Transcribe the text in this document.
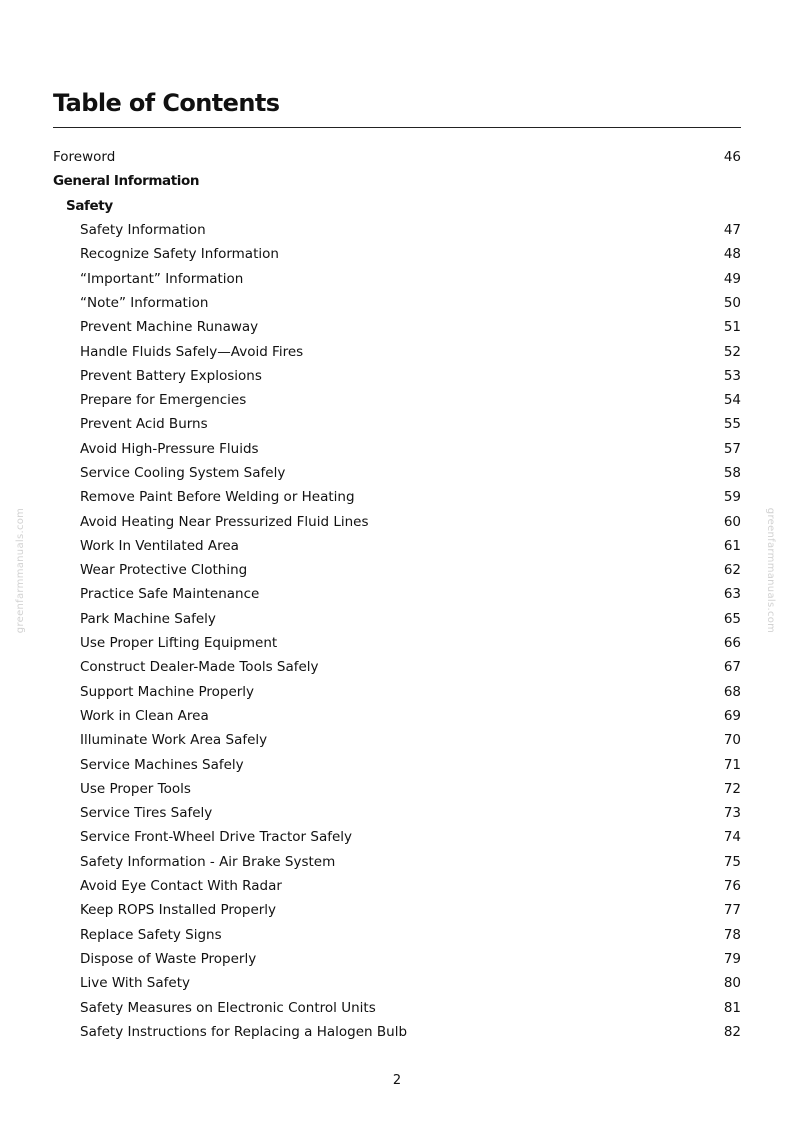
Table of Contents
Foreword	46
General Information
Safety
Safety Information	47
Recognize Safety Information	48
“Important” Information	49
“Note” Information	50
Prevent Machine Runaway	51
Handle Fluids Safely—Avoid Fires	52
Prevent Battery Explosions	53
Prepare for Emergencies	54
Prevent Acid Burns	55
Avoid High-Pressure Fluids	57
Service Cooling System Safely	58
Remove Paint Before Welding or Heating	59
Avoid Heating Near Pressurized Fluid Lines	60
Work In Ventilated Area	61
Wear Protective Clothing	62
Practice Safe Maintenance	63
Park Machine Safely	65
Use Proper Lifting Equipment	66
Construct Dealer-Made Tools Safely	67
Support Machine Properly	68
Work in Clean Area	69
Illuminate Work Area Safely	70
Service Machines Safely	71
Use Proper Tools	72
Service Tires Safely	73
Service Front-Wheel Drive Tractor Safely	74
Safety Information - Air Brake System	75
Avoid Eye Contact With Radar	76
Keep ROPS Installed Properly	77
Replace Safety Signs	78
Dispose of Waste Properly	79
Live With Safety	80
Safety Measures on Electronic Control Units	81
Safety Instructions for Replacing a Halogen Bulb	82
greenfarmmanuals.com	greenfarmmanuals.com
2
